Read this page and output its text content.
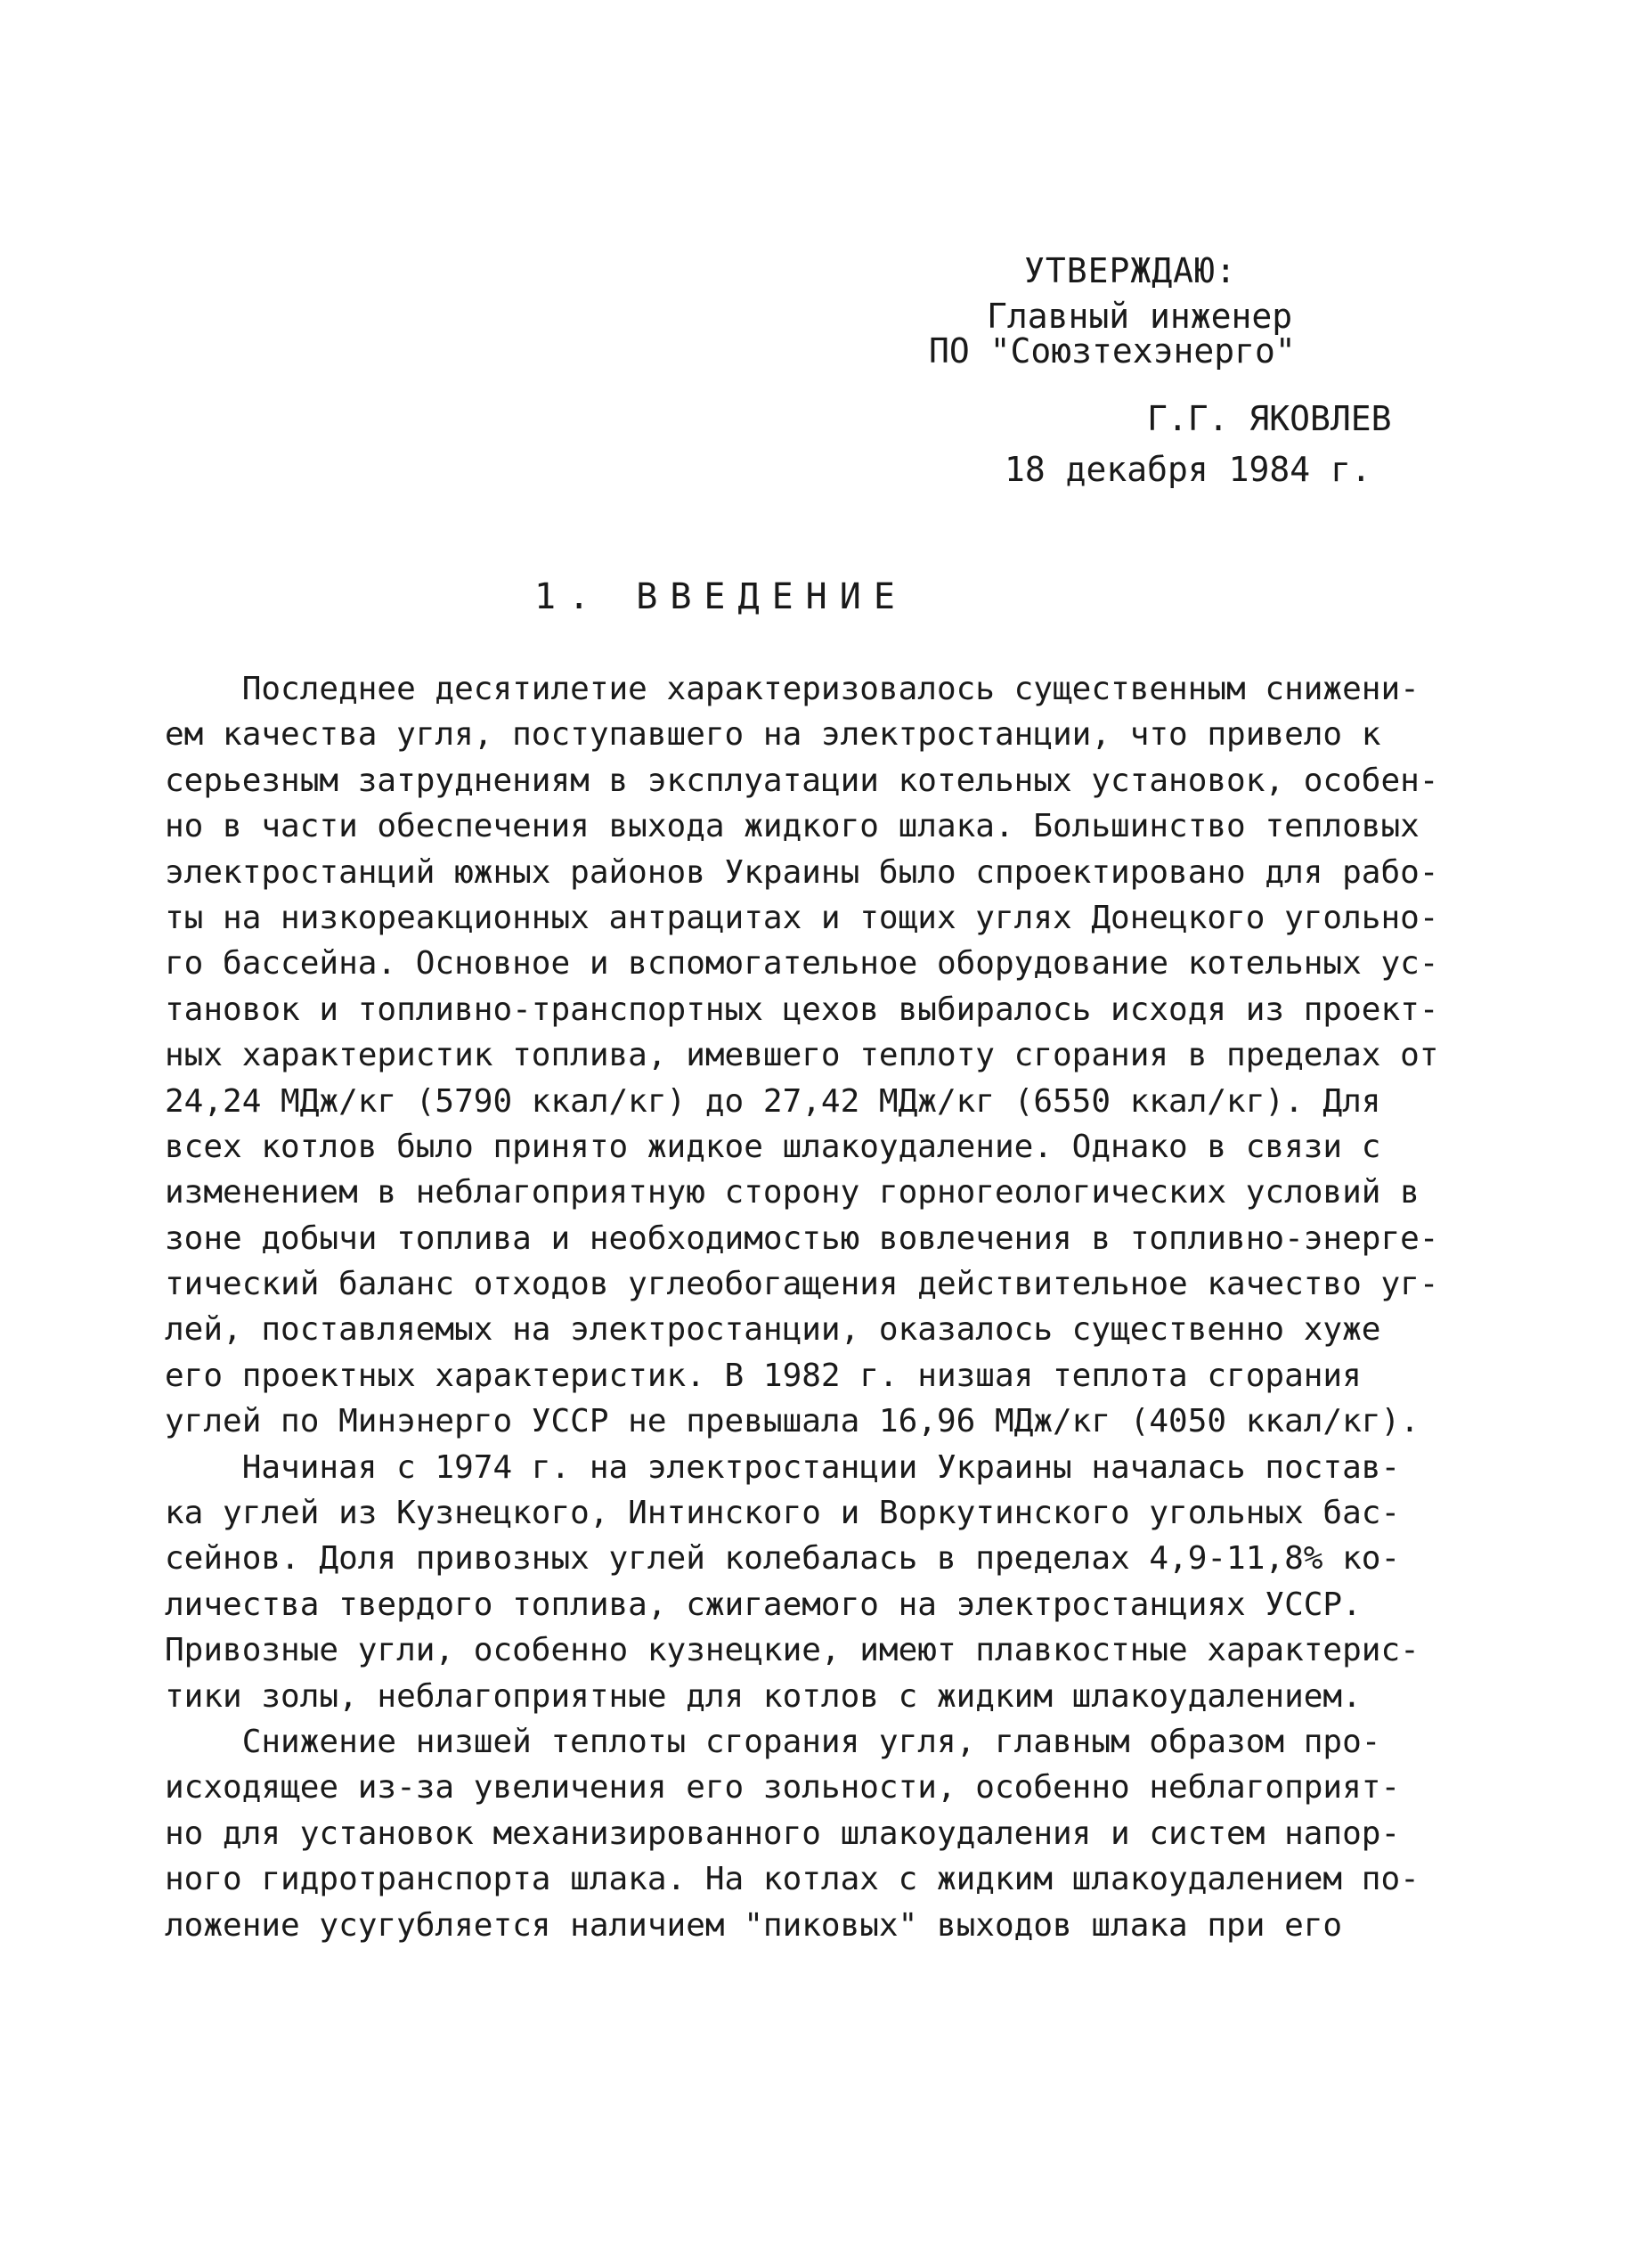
УТВЕРЖДАЮ:
Главный инженер
ПО "Союзтехэнерго"
Г.Г. ЯКОВЛЕВ
18 декабря 1984 г.
1. ВВЕДЕНИЕ
Последнее десятилетие характеризовалось существенным снижени-
ем качества угля, поступавшего на электростанции, что привело к
серьезным затруднениям в эксплуатации котельных установок, особен-
но в части обеспечения выхода жидкого шлака. Большинство тепловых
электростанций южных районов Украины было спроектировано для рабо-
ты на низкореакционных антрацитах и тощих углях Донецкого угольно-
го бассейна. Основное и вспомогательное оборудование котельных ус-
тановок и топливно-транспортных цехов выбиралось исходя из проект-
ных характеристик топлива, имевшего теплоту сгорания в пределах от
24,24 МДж/кг (5790 ккал/кг) до 27,42 МДж/кг (6550 ккал/кг). Для
всех котлов было принято жидкое шлакоудаление. Однако в связи с
изменением в неблагоприятную сторону горногеологических условий в
зоне добычи топлива и необходимостью вовлечения в топливно-энерге-
тический баланс отходов углеобогащения действительное качество уг-
лей, поставляемых на электростанции, оказалось существенно хуже
его проектных характеристик. В 1982 г. низшая теплота сгорания
углей по Минэнерго УССР не превышала 16,96 МДж/кг (4050 ккал/кг).
Начиная с 1974 г. на электростанции Украины началась постав-
ка углей из Кузнецкого, Интинского и Воркутинского угольных бас-
сейнов. Доля привозных углей колебалась в пределах 4,9-11,8% ко-
личества твердого топлива, сжигаемого на электростанциях УССР.
Привозные угли, особенно кузнецкие, имеют плавкостные характерис-
тики золы, неблагоприятные для котлов с жидким шлакоудалением.
Снижение низшей теплоты сгорания угля, главным образом про-
исходящее из-за увеличения его зольности, особенно неблагоприят-
но для установок механизированного шлакоудаления и систем напор-
ного гидротранспорта шлака. На котлах с жидким шлакоудалением по-
ложение усугубляется наличием "пиковых" выходов шлака при его
